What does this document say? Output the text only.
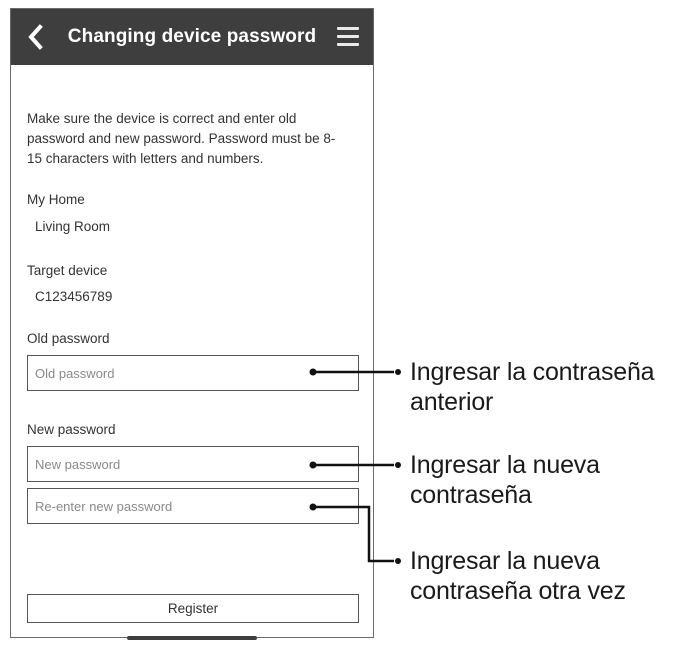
Changing device password
Make sure the device is correct and enter old password and new password. Password must be 8-15 characters with letters and numbers.
My Home
Living Room
Target device
C123456789
Old password
New password
Register
Ingresar la contraseña
anterior
Ingresar la nueva
contraseña
Ingresar la nueva
contraseña otra vez
